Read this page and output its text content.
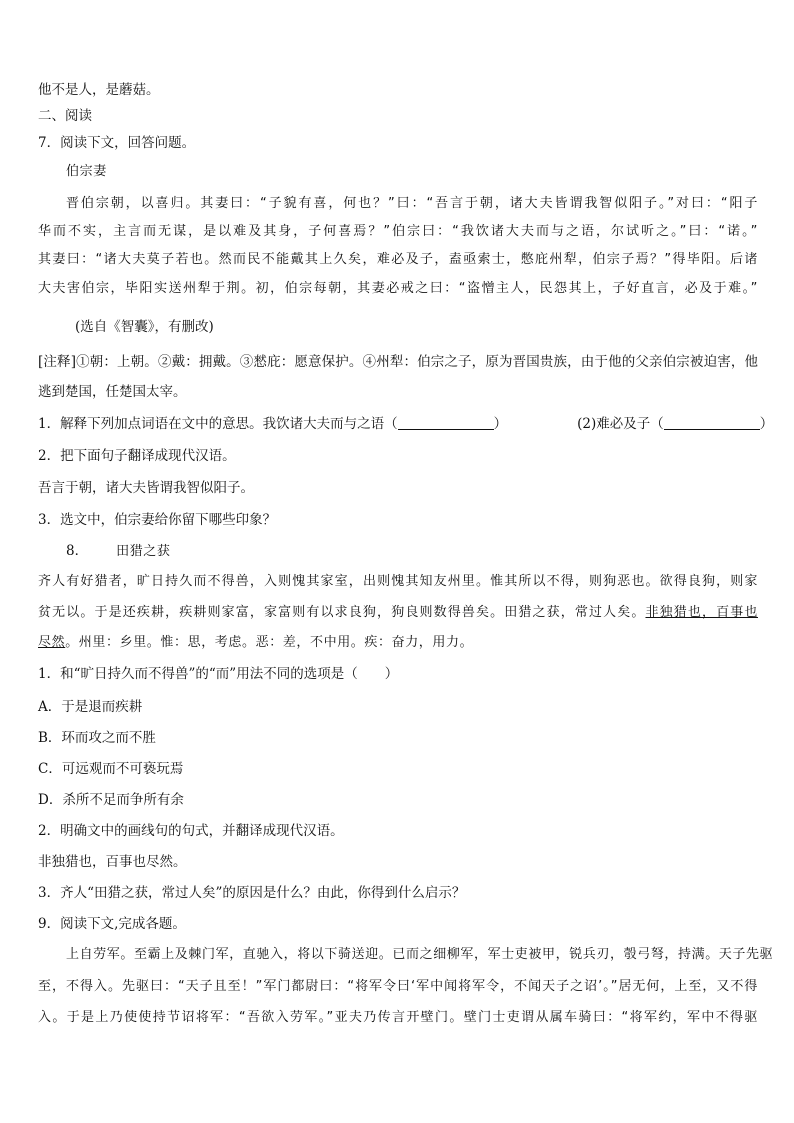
他不是人，是蘑菇。
二、阅读
7．阅读下文，回答问题。
伯宗妻
晋伯宗朝，以喜归。其妻曰：“子貌有喜，何也？”曰：“吾言于朝，诸大夫皆谓我智似阳子。”对曰：“阳子
华而不实，主言而无谋，是以难及其身，子何喜焉？”伯宗曰：“我饮诸大夫而与之语，尔试听之。”曰：“诺。”
其妻曰：“诸大夫莫子若也。然而民不能戴其上久矣，难必及子，盍亟索士，憋庇州犁，伯宗子焉？”得毕阳。后诸
大夫害伯宗，毕阳实送州犁于荆。初，伯宗每朝，其妻必戒之曰：“盗憎主人，民怨其上，子好直言，必及于难。”
(选自《智囊》，有删改)
[注释]①朝：上朝。②戴：拥戴。③憖庇：愿意保护。④州犁：伯宗之子，原为晋国贵族，由于他的父亲伯宗被迫害，他
逃到楚国，任楚国太宰。
1．解释下列加点词语在文中的意思。我饮诸大夫而与之语（	）	(2)难必及子（	）
2．把下面句子翻译成现代汉语。
吾言于朝，诸大夫皆谓我智似阳子。
3．选文中，伯宗妻给你留下哪些印象？
8． 田猎之获
齐人有好猎者，旷日持久而不得兽，入则愧其家室，出则愧其知友州里。惟其所以不得，则狗恶也。欲得良狗，则家
贫无以。于是还疾耕，疾耕则家富，家富则有以求良狗，狗良则数得兽矣。田猎之获，常过人矣。非独猎也，百事也
尽然。州里：乡里。惟：思，考虑。恶：差，不中用。疾：奋力，用力。
1．和“旷日持久而不得兽”的“而”用法不同的选项是（　　）
A．于是退而疾耕
B．环而攻之而不胜
C．可远观而不可亵玩焉
D．杀所不足而争所有余
2．明确文中的画线句的句式，并翻译成现代汉语。
非独猎也，百事也尽然。
3．齐人“田猎之获，常过人矣”的原因是什么？由此，你得到什么启示？
9．阅读下文,完成各题。
上自劳军。至霸上及棘门军，直驰入，将以下骑送迎。已而之细柳军，军士吏被甲，锐兵刃，彀弓弩，持满。天子先驱
至，不得入。先驱曰：“天子且至！”军门都尉曰：“将军令曰‘军中闻将军令，不闻天子之诏’。”居无何，上至，又不得
入。于是上乃使使持节诏将军：“吾欲入劳军。”亚夫乃传言开壁门。壁门士吏谓从属车骑曰：“将军约，军中不得驱
